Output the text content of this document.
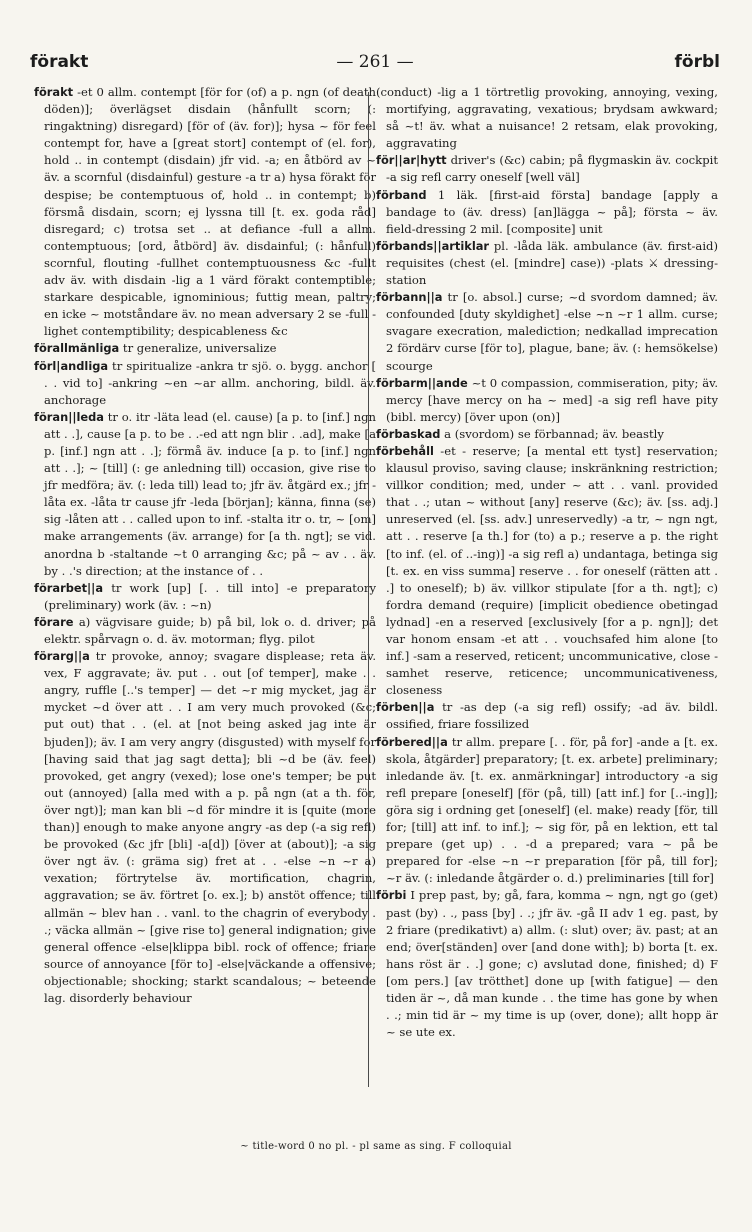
förakt	— 261 —	förbl

förakt -et 0 allm. contempt [för for (of) a p. ngn (of death döden)]; överlägset disdain (hånfullt scorn; (: ringaktning) disregard) [för of (äv. for)]; hysa ~ för feel contempt for, have a [great stort] contempt of (el. for), hold .. in contempt (disdain) jfr vid. -a; en åtbörd av ~ äv. a scornful (disdainful) gesture -a tr a) hysa förakt för despise; be contemptuous of, hold .. in contempt; b) försmå disdain, scorn; ej lyssna till [t. ex. goda råd] disregard; c) trotsa set .. at defiance -full a allm. contemptuous; [ord, åtbörd] äv. disdainful; (: hånfull) scornful, flouting -fullhet contemptuousness &c -fullt adv äv. with disdain -lig a 1 värd förakt contemptible; starkare despicable, ignominious; futtig mean, paltry; en icke ~ motståndare äv. no mean adversary 2 se -full -lighet contemptibility; despicableness &c

förallmänliga tr generalize, universalize

förl|andliga tr spiritualize -ankra tr sjö. o. bygg. anchor [ . . vid to] -ankring ~en ~ar allm. anchoring, bildl. äv. anchorage

föran||leda tr o. itr -läta lead (el. cause) [a p. to [inf.] ngn att . .], cause [a p. to be . .-ed att ngn blir . .ad], make [a p. [inf.] ngn att . .]; förmå äv. induce [a p. to [inf.] ngn att . .]; ~ [till] (: ge anledning till) occasion, give rise to jfr medföra; äv. (: leda till) lead to; jfr äv. åtgärd ex.; jfr -låta ex. -låta tr cause jfr -leda [början]; känna, finna (se) sig -låten att . . called upon to inf. -stalta itr o. tr, ~ [om] make arrangements (äv. arrange) for [a th. ngt]; se vid. anordna b -staltande ~t 0 arranging &c; på ~ av . . äv. by . .'s direction; at the instance of . .

förarbet||a tr work [up] [. . till into] -e preparatory (preliminary) work (äv. : ~n)

förare a) vägvisare guide; b) på bil, lok o. d. driver; på elektr. spårvagn o. d. äv. motorman; flyg. pilot

förarg||a tr provoke, annoy; svagare displease; reta äv. vex, F aggravate; äv. put . . out [of temper], make . . angry, ruffle [..'s temper] — det ~r mig mycket, jag är mycket ~d över att . . I am very much provoked (&c; put out) that . . (el. at [not being asked jag inte är bjuden]); äv. I am very angry (disgusted) with myself for [having said that jag sagt detta]; bli ~d be (äv. feel) provoked, get angry (vexed); lose one's temper; be put out (annoyed) [alla med with a p. på ngn (at a th. för, över ngt)]; man kan bli ~d för mindre it is [quite (more than)] enough to make anyone angry -as dep (-a sig refl) be provoked (&c jfr [bli] -a[d]) [över at (about)]; -a sig över ngt äv. (: gräma sig) fret at . . -else ~n ~r a) vexation; förtrytelse äv. mortification, chagrin, aggravation; se äv. förtret [o. ex.]; b) anstöt offence; till allmän ~ blev han . . vanl. to the chagrin of everybody . .; väcka allmän ~ [give rise to] general indignation; give general offence -else|klippa bibl. rock of offence; friare source of annoyance [för to] -else|väckande a offensive; objectionable; shocking; starkt scandalous; ~ beteende lag. disorderly behaviour

(conduct) -lig a 1 törtretlig provoking, annoying, vexing, mortifying, aggravating, vexatious; brydsam awkward; så ~t! äv. what a nuisance! 2 retsam, elak provoking, aggravating

för||ar|hytt driver's (&c) cabin; på flygmaskin äv. cockpit -a sig refl carry oneself [well väl]

förband 1 läk. [first-aid första] bandage [apply a bandage to (äv. dress) [an]lägga ~ på]; första ~ äv. field-dressing 2 mil. [composite] unit

förbands||artiklar pl. -låda läk. ambulance (äv. first-aid) requisites (chest (el. [mindre] case)) -plats ⚔ dressing-station

förbann||a tr [o. absol.] curse; ~d svordom damned; äv. confounded [duty skyldighet] -else ~n ~r 1 allm. curse; svagare execration, malediction; nedkallad imprecation 2 fördärv curse [för to], plague, bane; äv. (: hemsökelse) scourge

förbarm||ande ~t 0 compassion, commiseration, pity; äv. mercy [have mercy on ha ~ med] -a sig refl have pity (bibl. mercy) [över upon (on)]

förbaskad a (svordom) se förbannad; äv. beastly

förbehåll -et - reserve; [a mental ett tyst] reservation; klausul proviso, saving clause; inskränkning restriction; villkor condition; med, under ~ att . . vanl. provided that . .; utan ~ without [any] reserve (&c); äv. [ss. adj.] unreserved (el. [ss. adv.] unreservedly) -a tr, ~ ngn ngt, att . . reserve [a th.] for (to) a p.; reserve a p. the right [to inf. (el. of ..-ing)] -a sig refl a) undantaga, betinga sig [t. ex. en viss summa] reserve . . for oneself (rätten att . .] to oneself); b) äv. villkor stipulate [for a th. ngt]; c) fordra demand (require) [implicit obedience obetingad lydnad] -en a reserved [exclusively [for a p. ngn]]; det var honom ensam -et att . . vouchsafed him alone [to inf.] -sam a reserved, reticent; uncommunicative, close -samhet reserve, reticence; uncommunicativeness, closeness

förben||a tr -as dep (-a sig refl) ossify; -ad äv. bildl. ossified, friare fossilized

förbered||a tr allm. prepare [. . för, på for] -ande a [t. ex. skola, åtgärder] preparatory; [t. ex. arbete] preliminary; inledande äv. [t. ex. anmärkningar] introductory -a sig refl prepare [oneself] [för (på, till) [att inf.] for [..-ing]]; göra sig i ordning get [oneself] (el. make) ready [för, till for; [till] att inf. to inf.]; ~ sig för, på en lektion, ett tal prepare (get up) . . -d a prepared; vara ~ på be prepared for -else ~n ~r preparation [för på, till for]; ~r äv. (: inledande åtgärder o. d.) preliminaries [till for]

förbi I prep past, by; gå, fara, komma ~ ngn, ngt go (get) past (by) . ., pass [by] . .; jfr äv. -gå II adv 1 eg. past, by 2 friare (predikativt) a) allm. (: slut) over; äv. past; at an end; över[ständen] over [and done with]; b) borta [t. ex. hans röst är . .] gone; c) avslutad done, finished; d) F [om pers.] [av trötthet] done up [with fatigue] — den tiden är ~, då man kunde . . the time has gone by when . .; min tid är ~ my time is up (over, done); allt hopp är ~ se ute ex.

~ title-word 0 no pl. - pl same as sing. F colloquial
